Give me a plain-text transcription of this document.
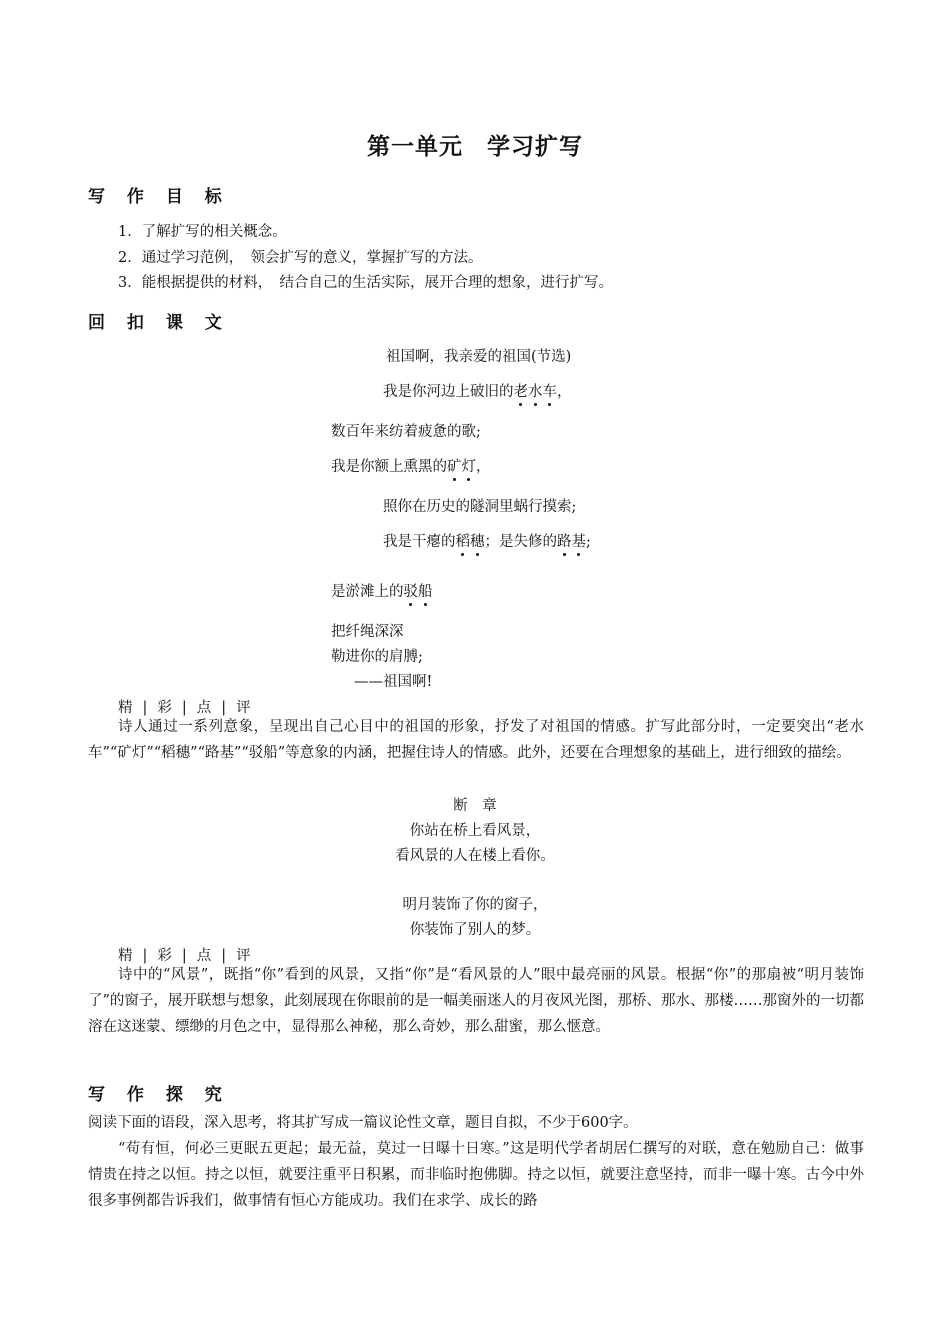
第一单元　学习扩写
写 作 目 标
1．了解扩写的相关概念。
2．通过学习范例，　领会扩写的意义，掌握扩写的方法。
3．能根据提供的材料，　结合自己的生活实际，展开合理的想象，进行扩写。
回 扣 课 文
祖国啊，我亲爱的祖国(节选)
我是你河边上破旧的老水车，
数百年来纺着疲惫的歌;
我是你额上熏黑的矿灯，
照你在历史的隧洞里蜗行摸索;
我是干瘪的稻穗；是失修的路基;
是淤滩上的驳船
把纤绳深深
勒进你的肩膊;
——祖国啊!
精|彩|点|评
诗人通过一系列意象，呈现出自己心目中的祖国的形象，抒发了对祖国的情感。扩写此部分时，一定要突出“老水车”“矿灯”“稻穗”“路基”“驳船”等意象的内涵，把握住诗人的情感。此外，还要在合理想象的基础上，进行细致的描绘。
断　章
你站在桥上看风景，
看风景的人在楼上看你。
明月装饰了你的窗子，
你装饰了别人的梦。
精|彩|点|评
诗中的“风景”，既指“你”看到的风景，又指“你”是“看风景的人”眼中最亮丽的风景。根据“你”的那扇被“明月装饰了”的窗子，展开联想与想象，此刻展现在你眼前的是一幅美丽迷人的月夜风光图，那桥、那水、那楼……那窗外的一切都溶在这迷蒙、缥缈的月色之中，显得那么神秘，那么奇妙，那么甜蜜，那么惬意。
写 作 探 究
阅读下面的语段，深入思考，将其扩写成一篇议论性文章，题目自拟，不少于600字。
“苟有恒，何必三更眠五更起；最无益，莫过一日曝十日寒。”这是明代学者胡居仁撰写的对联，意在勉励自己：做事情贵在持之以恒。持之以恒，就要注重平日积累，而非临时抱佛脚。持之以恒，就要注意坚持，而非一曝十寒。古今中外很多事例都告诉我们，做事情有恒心方能成功。我们在求学、成长的路
